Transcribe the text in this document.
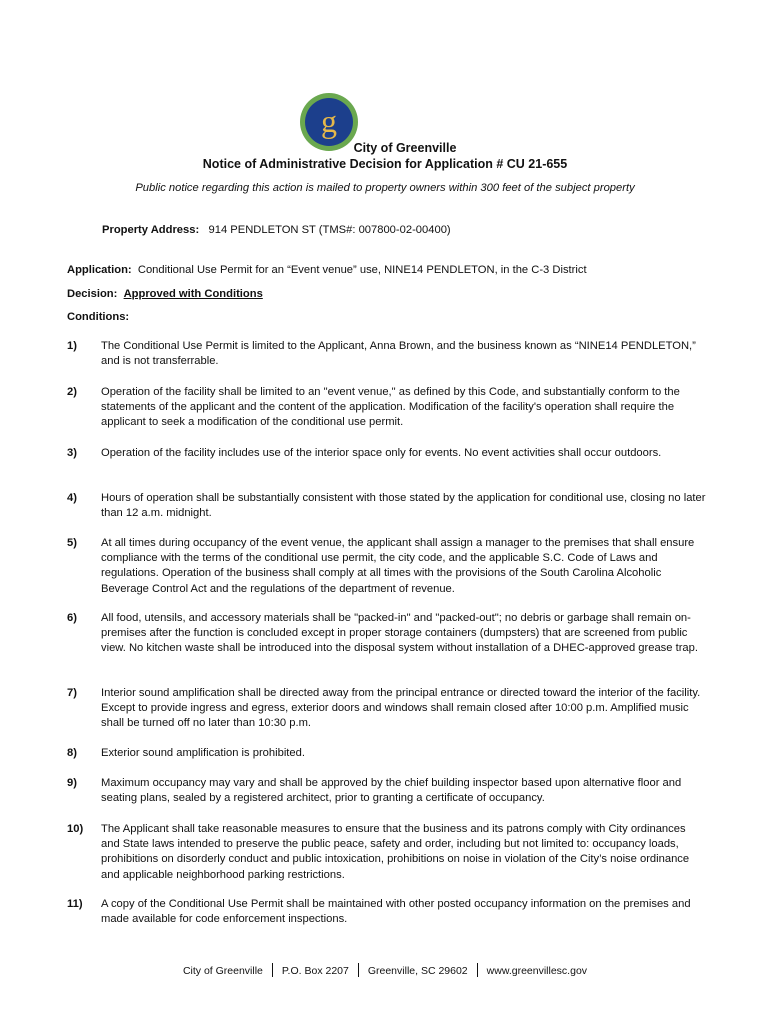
g
City of Greenville
Notice of Administrative Decision for Application # CU 21-655
Public notice regarding this action is mailed to property owners within 300 feet of the subject property
Property Address: 914 PENDLETON ST (TMS#: 007800-02-00400)
Application: Conditional Use Permit for an “Event venue” use, NINE14 PENDLETON, in the C-3 District
Decision: Approved with Conditions
Conditions:
1)	The Conditional Use Permit is limited to the Applicant, Anna Brown, and the business known as “NINE14 PENDLETON,” and is not transferrable.
2)	Operation of the facility shall be limited to an "event venue," as defined by this Code, and substantially conform to the statements of the applicant and the content of the application. Modification of the facility's operation shall require the applicant to seek a modification of the conditional use permit.
3)	Operation of the facility includes use of the interior space only for events. No event activities shall occur outdoors.
4)	Hours of operation shall be substantially consistent with those stated by the application for conditional use, closing no later than 12 a.m. midnight.
5)	At all times during occupancy of the event venue, the applicant shall assign a manager to the premises that shall ensure compliance with the terms of the conditional use permit, the city code, and the applicable S.C. Code of Laws and regulations. Operation of the business shall comply at all times with the provisions of the South Carolina Alcoholic Beverage Control Act and the regulations of the department of revenue.
6)	All food, utensils, and accessory materials shall be "packed-in" and "packed-out"; no debris or garbage shall remain on-premises after the function is concluded except in proper storage containers (dumpsters) that are screened from public view. No kitchen waste shall be introduced into the disposal system without installation of a DHEC-approved grease trap.
7)	Interior sound amplification shall be directed away from the principal entrance or directed toward the interior of the facility. Except to provide ingress and egress, exterior doors and windows shall remain closed after 10:00 p.m. Amplified music shall be turned off no later than 10:30 p.m.
8)	Exterior sound amplification is prohibited.
9)	Maximum occupancy may vary and shall be approved by the chief building inspector based upon alternative floor and seating plans, sealed by a registered architect, prior to granting a certificate of occupancy.
10)	The Applicant shall take reasonable measures to ensure that the business and its patrons comply with City ordinances and State laws intended to preserve the public peace, safety and order, including but not limited to: occupancy loads, prohibitions on disorderly conduct and public intoxication, prohibitions on noise in violation of the City’s noise ordinance and applicable neighborhood parking restrictions.
11)	A copy of the Conditional Use Permit shall be maintained with other posted occupancy information on the premises and made available for code enforcement inspections.
City of Greenville P.O. Box 2207 Greenville, SC 29602 www.greenvillesc.gov
